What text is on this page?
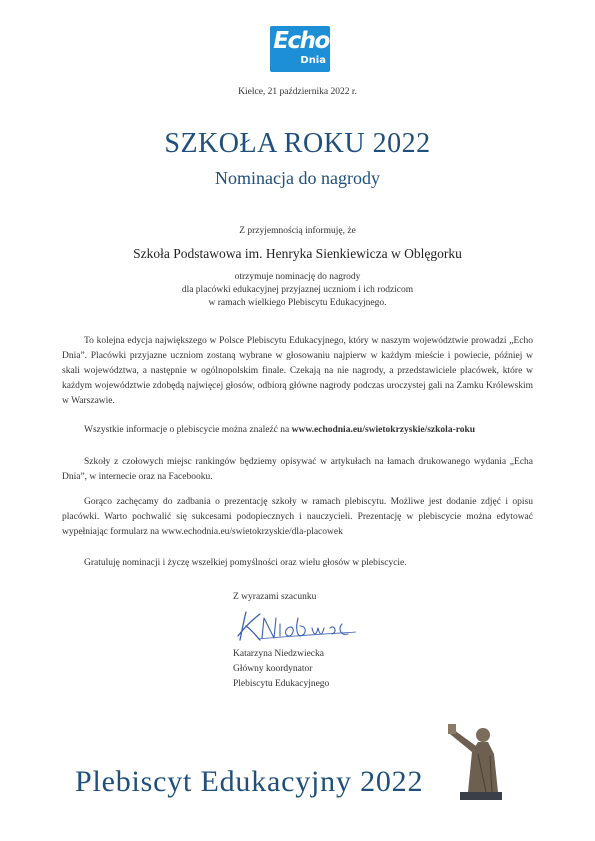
Echo
Dnia

Kielce, 21 października 2022 r.

SZKOŁA ROKU 2022
Nominacja do nagrody

Z przyjemnością informuję, że

Szkoła Podstawowa im. Henryka Sienkiewicza w Oblęgorku

otrzymuje nominację do nagrody
dla placówki edukacyjnej przyjaznej uczniom i ich rodzicom
w ramach wielkiego Plebiscytu Edukacyjnego.

To kolejna edycja największego w Polsce Plebiscytu Edukacyjnego, który w naszym województwie prowadzi „Echo Dnia”. Placówki przyjazne uczniom zostaną wybrane w głosowaniu najpierw w każdym mieście i powiecie, później w skali województwa, a następnie w ogólnopolskim finale. Czekają na nie nagrody, a przedstawiciele placówek, które w każdym województwie zdobędą najwięcej głosów, odbiorą główne nagrody podczas uroczystej gali na Zamku Królewskim w Warszawie.

Wszystkie informacje o plebiscycie można znaleźć na www.echodnia.eu/swietokrzyskie/szkola-roku

Szkoły z czołowych miejsc rankingów będziemy opisywać w artykułach na łamach drukowanego wydania „Echa Dnia”, w internecie oraz na Facebooku.

Gorąco zachęcamy do zadbania o prezentację szkoły w ramach plebiscytu. Możliwe jest dodanie zdjęć i opisu placówki. Warto pochwalić się sukcesami podopiecznych i nauczycieli. Prezentację w plebiscycie można edytować wypełniając formularz na www.echodnia.eu/swietokrzyskie/dla-placowek

Gratuluję nominacji i życzę wszelkiej pomyślności oraz wielu głosów w plebiscycie.

Z wyrazami szacunku
Katarzyna Niedzwiecka
Główny koordynator
Plebiscytu Edukacyjnego
Plebiscyt Edukacyjny 2022
